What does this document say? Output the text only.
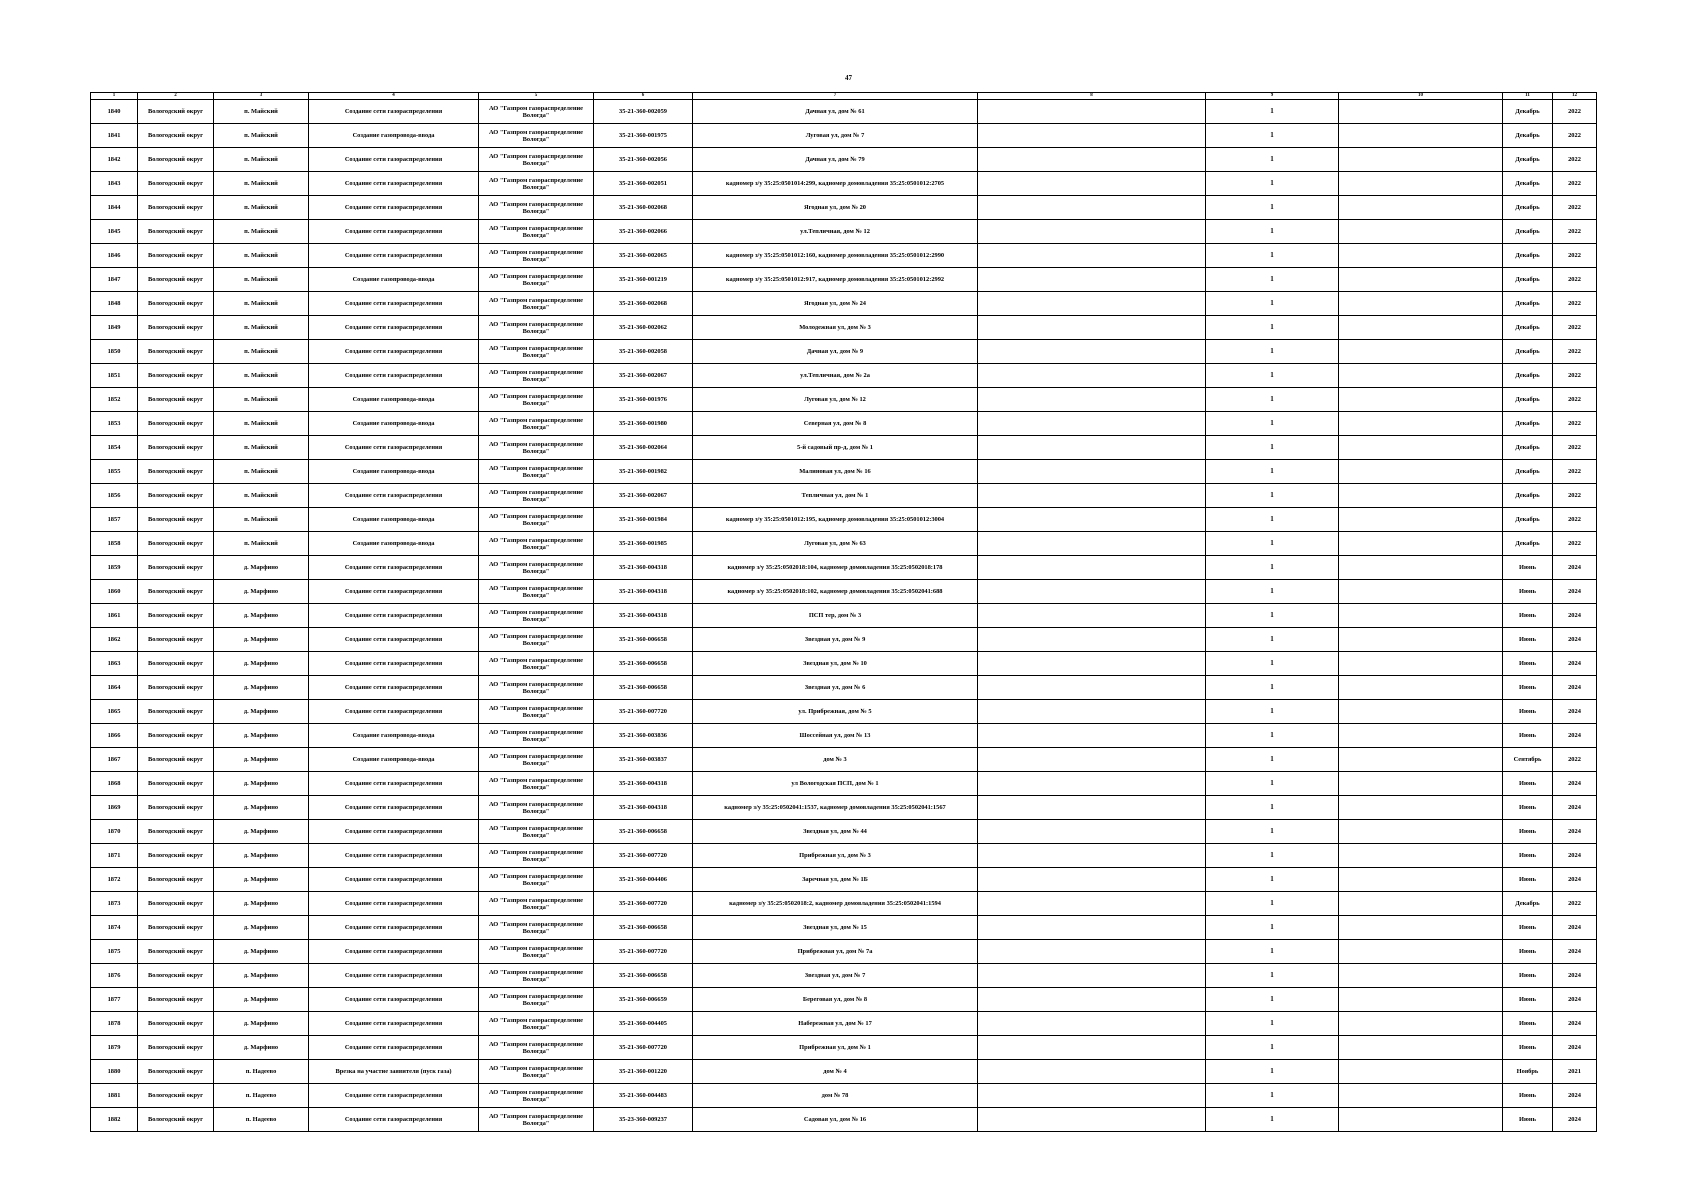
47
1	2	3	4	5	6	7	8	9	10	11	12
1840	Вологодский округ	п. Майский	Создание сети газораспределения	АО "Газпром газораспределение Вологда"	35-21-360-002059	Дачная ул, дом № 61		1		Декабрь	2022
1841	Вологодский округ	п. Майский	Создание газопровода-ввода	АО "Газпром газораспределение Вологда"	35-21-360-001975	Луговая ул, дом № 7		1		Декабрь	2022
1842	Вологодский округ	п. Майский	Создание сети газораспределения	АО "Газпром газораспределение Вологда"	35-21-360-002056	Дачная ул, дом № 79		1		Декабрь	2022
1843	Вологодский округ	п. Майский	Создание сети газораспределения	АО "Газпром газораспределение Вологда"	35-21-360-002051	кадномер з/у 35:25:0501014:299, кадномер домовладения 35:25:0501012:2705		1		Декабрь	2022
1844	Вологодский округ	п. Майский	Создание сети газораспределения	АО "Газпром газораспределение Вологда"	35-21-360-002068	Ягодная ул, дом № 20		1		Декабрь	2022
1845	Вологодский округ	п. Майский	Создание сети газораспределения	АО "Газпром газораспределение Вологда"	35-21-360-002066	ул.Тепличная, дом № 12		1		Декабрь	2022
1846	Вологодский округ	п. Майский	Создание сети газораспределения	АО "Газпром газораспределение Вологда"	35-21-360-002065	кадномер з/у 35:25:0501012:160, кадномер домовладения 35:25:0501012:2990		1		Декабрь	2022
1847	Вологодский округ	п. Майский	Создание газопровода-ввода	АО "Газпром газораспределение Вологда"	35-21-360-001219	кадномер з/у 35:25:0501012:917, кадномер домовладения 35:25:0501012:2992		1		Декабрь	2022
1848	Вологодский округ	п. Майский	Создание сети газораспределения	АО "Газпром газораспределение Вологда"	35-21-360-002068	Ягодная ул, дом № 24		1		Декабрь	2022
1849	Вологодский округ	п. Майский	Создание сети газораспределения	АО "Газпром газораспределение Вологда"	35-21-360-002062	Молодежная ул, дом № 3		1		Декабрь	2022
1850	Вологодский округ	п. Майский	Создание сети газораспределения	АО "Газпром газораспределение Вологда"	35-21-360-002058	Дачная ул, дом № 9		1		Декабрь	2022
1851	Вологодский округ	п. Майский	Создание сети газораспределения	АО "Газпром газораспределение Вологда"	35-21-360-002067	ул.Тепличная, дом № 2а		1		Декабрь	2022
1852	Вологодский округ	п. Майский	Создание газопровода-ввода	АО "Газпром газораспределение Вологда"	35-21-360-001976	Луговая ул, дом № 12		1		Декабрь	2022
1853	Вологодский округ	п. Майский	Создание газопровода-ввода	АО "Газпром газораспределение Вологда"	35-21-360-001980	Северная ул, дом № 8		1		Декабрь	2022
1854	Вологодский округ	п. Майский	Создание сети газораспределения	АО "Газпром газораспределение Вологда"	35-21-360-002064	5-й садовый пр-д, дом № 1		1		Декабрь	2022
1855	Вологодский округ	п. Майский	Создание газопровода-ввода	АО "Газпром газораспределение Вологда"	35-21-360-001982	Малиновая ул, дом № 16		1		Декабрь	2022
1856	Вологодский округ	п. Майский	Создание сети газораспределения	АО "Газпром газораспределение Вологда"	35-21-360-002067	Тепличная ул, дом № 1		1		Декабрь	2022
1857	Вологодский округ	п. Майский	Создание газопровода-ввода	АО "Газпром газораспределение Вологда"	35-21-360-001984	кадномер з/у 35:25:0501012:195, кадномер домовладения 35:25:0501012:3004		1		Декабрь	2022
1858	Вологодский округ	п. Майский	Создание газопровода-ввода	АО "Газпром газораспределение Вологда"	35-21-360-001985	Луговая ул, дом № 63		1		Декабрь	2022
1859	Вологодский округ	д. Марфино	Создание сети газораспределения	АО "Газпром газораспределение Вологда"	35-21-360-004318	кадномер з/у 35:25:0502018:104, кадномер домовладения 35:25:0502018:178		1		Июнь	2024
1860	Вологодский округ	д. Марфино	Создание сети газораспределения	АО "Газпром газораспределение Вологда"	35-21-360-004318	кадномер з/у 35:25:0502018:102, кадномер домовладения 35:25:0502041:688		1		Июнь	2024
1861	Вологодский округ	д. Марфино	Создание сети газораспределения	АО "Газпром газораспределение Вологда"	35-21-360-004318	ПСП тер, дом № 3		1		Июнь	2024
1862	Вологодский округ	д. Марфино	Создание сети газораспределения	АО "Газпром газораспределение Вологда"	35-21-360-006658	Звездная ул, дом № 9		1		Июнь	2024
1863	Вологодский округ	д. Марфино	Создание сети газораспределения	АО "Газпром газораспределение Вологда"	35-21-360-006658	Звездная ул, дом № 10		1		Июнь	2024
1864	Вологодский округ	д. Марфино	Создание сети газораспределения	АО "Газпром газораспределение Вологда"	35-21-360-006658	Звездная ул, дом № 6		1		Июнь	2024
1865	Вологодский округ	д. Марфино	Создание сети газораспределения	АО "Газпром газораспределение Вологда"	35-21-360-007720	ул. Прибрежная, дом № 5		1		Июнь	2024
1866	Вологодский округ	д. Марфино	Создание газопровода-ввода	АО "Газпром газораспределение Вологда"	35-21-360-003836	Шоссейная ул, дом № 13		1		Июнь	2024
1867	Вологодский округ	д. Марфино	Создание газопровода-ввода	АО "Газпром газораспределение Вологда"	35-21-360-003837	дом № 3		1		Сентябрь	2022
1868	Вологодский округ	д. Марфино	Создание сети газораспределения	АО "Газпром газораспределение Вологда"	35-21-360-004318	ул Вологодская ПСП, дом № 1		1		Июнь	2024
1869	Вологодский округ	д. Марфино	Создание сети газораспределения	АО "Газпром газораспределение Вологда"	35-21-360-004318	кадномер з/у 35:25:0502041:1537, кадномер домовладения 35:25:0502041:1567		1		Июнь	2024
1870	Вологодский округ	д. Марфино	Создание сети газораспределения	АО "Газпром газораспределение Вологда"	35-21-360-006658	Звездная ул, дом № 44		1		Июнь	2024
1871	Вологодский округ	д. Марфино	Создание сети газораспределения	АО "Газпром газораспределение Вологда"	35-21-360-007720	Прибрежная ул, дом № 3		1		Июнь	2024
1872	Вологодский округ	д. Марфино	Создание сети газораспределения	АО "Газпром газораспределение Вологда"	35-21-360-004406	Заречная ул, дом № 1Б		1		Июнь	2024
1873	Вологодский округ	д. Марфино	Создание сети газораспределения	АО "Газпром газораспределение Вологда"	35-21-360-007720	кадномер з/у 35:25:0502018:2, кадномер домовладения 35:25:0502041:1594		1		Декабрь	2022
1874	Вологодский округ	д. Марфино	Создание сети газораспределения	АО "Газпром газораспределение Вологда"	35-21-360-006658	Звездная ул, дом № 15		1		Июнь	2024
1875	Вологодский округ	д. Марфино	Создание сети газораспределения	АО "Газпром газораспределение Вологда"	35-21-360-007720	Прибрежная ул, дом № 7а		1		Июнь	2024
1876	Вологодский округ	д. Марфино	Создание сети газораспределения	АО "Газпром газораспределение Вологда"	35-21-360-006658	Звездная ул, дом № 7		1		Июнь	2024
1877	Вологодский округ	д. Марфино	Создание сети газораспределения	АО "Газпром газораспределение Вологда"	35-21-360-006659	Береговая ул, дом № 8		1		Июнь	2024
1878	Вологодский округ	д. Марфино	Создание сети газораспределения	АО "Газпром газораспределение Вологда"	35-21-360-004405	Набережная ул, дом № 17		1		Июнь	2024
1879	Вологодский округ	д. Марфино	Создание сети газораспределения	АО "Газпром газораспределение Вологда"	35-21-360-007720	Прибрежная ул, дом № 1		1		Июнь	2024
1880	Вологодский округ	п. Надеево	Врезка на участие заявителя (пуск газа)	АО "Газпром газораспределение Вологда"	35-21-360-001220	дом № 4		1		Ноябрь	2021
1881	Вологодский округ	п. Надеево	Создание сети газораспределения	АО "Газпром газораспределение Вологда"	35-21-360-004483	дом № 78		1		Июнь	2024
1882	Вологодский округ	п. Надеево	Создание сети газораспределения	АО "Газпром газораспределение Вологда"	35-23-360-009237	Садовая ул, дом № 16		1		Июнь	2024
